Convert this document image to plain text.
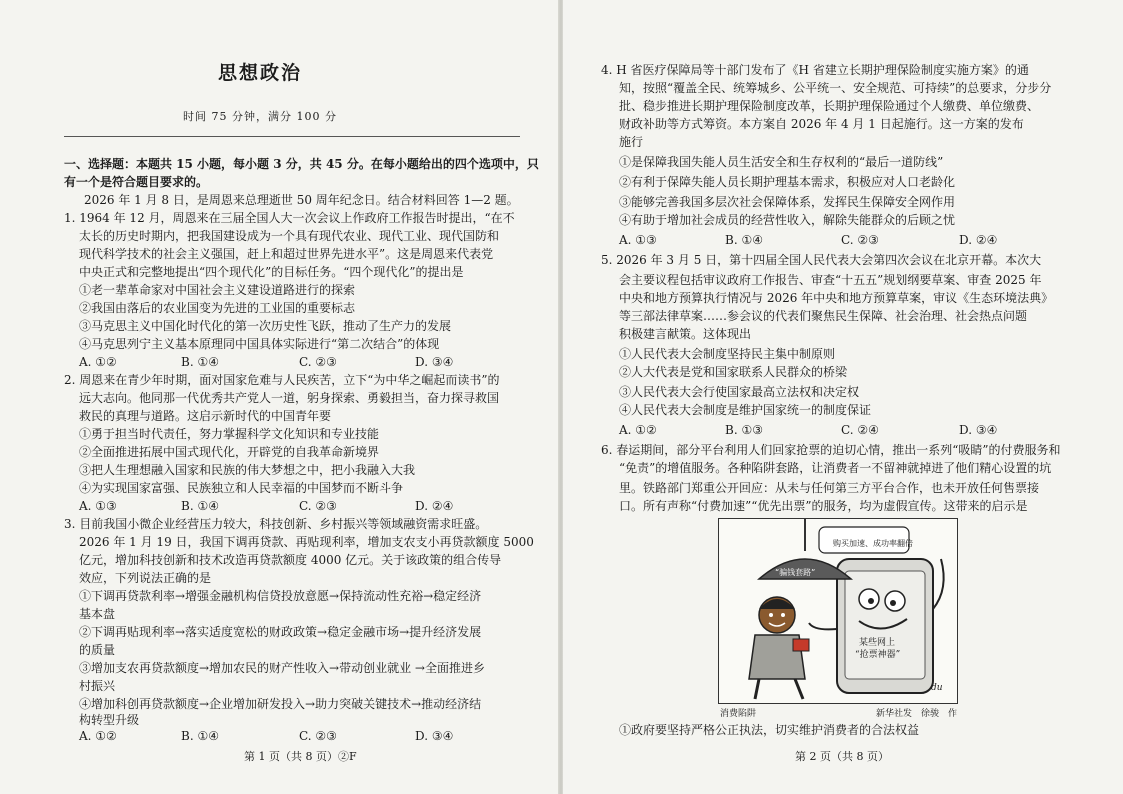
思想政治
时间 75 分钟，满分 100 分
一、选择题：本题共 15 小题，每小题 3 分，共 45 分。在每小题给出的四个选项中，只
有一个是符合题目要求的。
2026 年 1 月 8 日，是周恩来总理逝世 50 周年纪念日。结合材料回答 1—2 题。
1. 1964 年 12 月，周恩来在三届全国人大一次会议上作政府工作报告时提出，“在不
太长的历史时期内，把我国建设成为一个具有现代农业、现代工业、现代国防和
现代科学技术的社会主义强国，赶上和超过世界先进水平”。这是周恩来代表党
中央正式和完整地提出“四个现代化”的目标任务。“四个现代化”的提出是
①老一辈革命家对中国社会主义建设道路进行的探索
②我国由落后的农业国变为先进的工业国的重要标志
③马克思主义中国化时代化的第一次历史性飞跃，推动了生产力的发展
④马克思列宁主义基本原理同中国具体实际进行“第二次结合”的体现
A. ①②	B. ①④	C. ②③	D. ③④
2. 周恩来在青少年时期，面对国家危难与人民疾苦，立下“为中华之崛起而读书”的
远大志向。他同那一代优秀共产党人一道，躬身探索、勇毅担当，奋力探寻救国
救民的真理与道路。这启示新时代的中国青年要
①勇于担当时代责任，努力掌握科学文化知识和专业技能
②全面推进拓展中国式现代化，开辟党的自我革命新境界
③把人生理想融入国家和民族的伟大梦想之中，把小我融入大我
④为实现国家富强、民族独立和人民幸福的中国梦而不断斗争
A. ①③	B. ①④	C. ②③	D. ②④
3. 目前我国小微企业经营压力较大，科技创新、乡村振兴等领域融资需求旺盛。
2026 年 1 月 19 日，我国下调再贷款、再贴现利率，增加支农支小再贷款额度 5000
亿元，增加科技创新和技术改造再贷款额度 4000 亿元。关于该政策的组合传导
效应，下列说法正确的是
①下调再贷款利率→增强金融机构信贷投放意愿→保持流动性充裕→稳定经济
基本盘
②下调再贴现利率→落实适度宽松的财政政策→稳定金融市场→提升经济发展
的质量
③增加支农再贷款额度→增加农民的财产性收入→带动创业就业 →全面推进乡
村振兴
④增加科创再贷款额度→企业增加研发投入→助力突破关键技术→推动经济结
构转型升级
A. ①②	B. ①④	C. ②③	D. ③④
第 1 页（共 8 页）②F
4. H 省医疗保障局等十部门发布了《H 省建立长期护理保险制度实施方案》的通
知，按照“覆盖全民、统筹城乡、公平统一、安全规范、可持续”的总要求，分步分
批、稳步推进长期护理保险制度改革，长期护理保险通过个人缴费、单位缴费、
财政补助等方式筹资。本方案自 2026 年 4 月 1 日起施行。这一方案的发布
施行
①是保障我国失能人员生活安全和生存权利的“最后一道防线”
②有利于保障失能人员长期护理基本需求，积极应对人口老龄化
③能够完善我国多层次社会保障体系，发挥民生保障安全网作用
④有助于增加社会成员的经营性收入，解除失能群众的后顾之忧
A. ①③	B. ①④	C. ②③	D. ②④
5. 2026 年 3 月 5 日，第十四届全国人民代表大会第四次会议在北京开幕。本次大
会主要议程包括审议政府工作报告、审查“十五五”规划纲要草案、审查 2025 年
中央和地方预算执行情况与 2026 年中央和地方预算草案，审议《生态环境法典》
等三部法律草案……参会议的代表们聚焦民生保障、社会治理、社会热点问题
积极建言献策。这体现出
①人民代表大会制度坚持民主集中制原则
②人大代表是党和国家联系人民群众的桥梁
③人民代表大会行使国家最高立法权和决定权
④人民代表大会制度是维护国家统一的制度保证
A. ①②	B. ①③	C. ②④	D. ③④
6. 春运期间，部分平台利用人们回家抢票的迫切心情，推出一系列“吸睛”的付费服务和
“免责”的增值服务。各种陷阱套路，让消费者一不留神就掉进了他们精心设置的坑
里。铁路部门郑重公开回应：从未与任何第三方平台合作，也未开放任何售票接
口。所有声称“付费加速”“优先出票”的服务，均为虚假宣传。这带来的启示是
①政府要坚持严格公正执法，切实维护消费者的合法权益
第 2 页（共 8 页）
购买加速、成功率翻倍
“骗钱套路”
某些网上
“抢票神器”
du
消费陷阱	新华社发　徐骏　作
